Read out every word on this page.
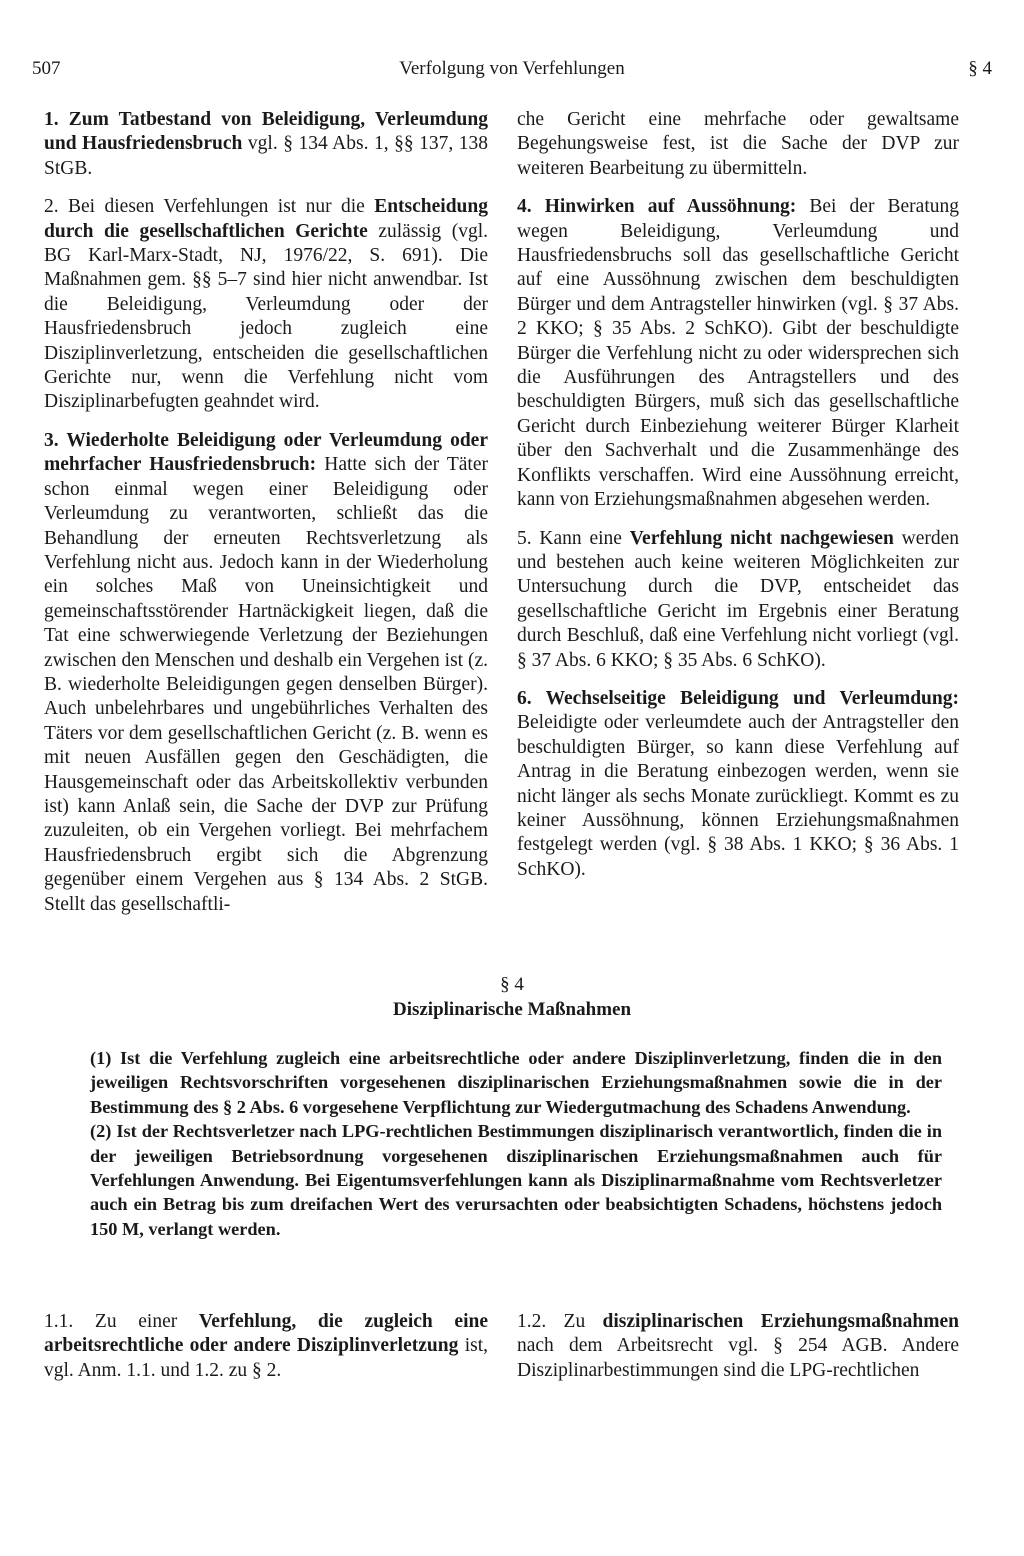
507	Verfolgung von Verfehlungen	§ 4

1. Zum Tatbestand von Beleidigung, Verleumdung und Hausfriedensbruch vgl. § 134 Abs. 1, §§ 137, 138 StGB.

2. Bei diesen Verfehlungen ist nur die Entscheidung durch die gesellschaftlichen Gerichte zulässig (vgl. BG Karl-Marx-Stadt, NJ, 1976/22, S. 691). Die Maßnahmen gem. §§ 5–7 sind hier nicht anwendbar. Ist die Beleidigung, Verleumdung oder der Hausfriedensbruch jedoch zugleich eine Disziplinverletzung, entscheiden die gesellschaftlichen Gerichte nur, wenn die Verfehlung nicht vom Disziplinarbefugten geahndet wird.

3. Wiederholte Beleidigung oder Verleumdung oder mehrfacher Hausfriedensbruch: Hatte sich der Täter schon einmal wegen einer Beleidigung oder Verleumdung zu verantworten, schließt das die Behandlung der erneuten Rechtsverletzung als Verfehlung nicht aus. Jedoch kann in der Wiederholung ein solches Maß von Uneinsichtigkeit und gemeinschaftsstörender Hartnäckigkeit liegen, daß die Tat eine schwerwiegende Verletzung der Beziehungen zwischen den Menschen und deshalb ein Vergehen ist (z. B. wiederholte Beleidigungen gegen denselben Bürger). Auch unbelehrbares und ungebührliches Verhalten des Täters vor dem gesellschaftlichen Gericht (z. B. wenn es mit neuen Ausfällen gegen den Geschädigten, die Hausgemeinschaft oder das Arbeitskollektiv verbunden ist) kann Anlaß sein, die Sache der DVP zur Prüfung zuzuleiten, ob ein Vergehen vorliegt. Bei mehrfachem Hausfriedensbruch ergibt sich die Abgrenzung gegenüber einem Vergehen aus § 134 Abs. 2 StGB. Stellt das gesellschaftli-

che Gericht eine mehrfache oder gewaltsame Begehungsweise fest, ist die Sache der DVP zur weiteren Bearbeitung zu übermitteln.

4. Hinwirken auf Aussöhnung: Bei der Beratung wegen Beleidigung, Verleumdung und Hausfriedensbruchs soll das gesellschaftliche Gericht auf eine Aussöhnung zwischen dem beschuldigten Bürger und dem Antragsteller hinwirken (vgl. § 37 Abs. 2 KKO; § 35 Abs. 2 SchKO). Gibt der beschuldigte Bürger die Verfehlung nicht zu oder widersprechen sich die Ausführungen des Antragstellers und des beschuldigten Bürgers, muß sich das gesellschaftliche Gericht durch Einbeziehung weiterer Bürger Klarheit über den Sachverhalt und die Zusammenhänge des Konflikts verschaffen. Wird eine Aussöhnung erreicht, kann von Erziehungsmaßnahmen abgesehen werden.

5. Kann eine Verfehlung nicht nachgewiesen werden und bestehen auch keine weiteren Möglichkeiten zur Untersuchung durch die DVP, entscheidet das gesellschaftliche Gericht im Ergebnis einer Beratung durch Beschluß, daß eine Verfehlung nicht vorliegt (vgl. § 37 Abs. 6 KKO; § 35 Abs. 6 SchKO).

6. Wechselseitige Beleidigung und Verleumdung: Beleidigte oder verleumdete auch der Antragsteller den beschuldigten Bürger, so kann diese Verfehlung auf Antrag in die Beratung einbezogen werden, wenn sie nicht länger als sechs Monate zurückliegt. Kommt es zu keiner Aussöhnung, können Erziehungsmaßnahmen festgelegt werden (vgl. § 38 Abs. 1 KKO; § 36 Abs. 1 SchKO).

§ 4
Disziplinarische Maßnahmen

(1) Ist die Verfehlung zugleich eine arbeitsrechtliche oder andere Disziplinverletzung, finden die in den jeweiligen Rechtsvorschriften vorgesehenen disziplinarischen Erziehungsmaßnahmen sowie die in der Bestimmung des § 2 Abs. 6 vorgesehene Verpflichtung zur Wiedergutmachung des Schadens Anwendung.

(2) Ist der Rechtsverletzer nach LPG-rechtlichen Bestimmungen disziplinarisch verantwortlich, finden die in der jeweiligen Betriebsordnung vorgesehenen disziplinarischen Erziehungsmaßnahmen auch für Verfehlungen Anwendung. Bei Eigentumsverfehlungen kann als Disziplinarmaßnahme vom Rechtsverletzer auch ein Betrag bis zum dreifachen Wert des verursachten oder beabsichtigten Schadens, höchstens jedoch 150 M, verlangt werden.

1.1. Zu einer Verfehlung, die zugleich eine arbeitsrechtliche oder andere Disziplinverletzung ist, vgl. Anm. 1.1. und 1.2. zu § 2.

1.2. Zu disziplinarischen Erziehungsmaßnahmen nach dem Arbeitsrecht vgl. § 254 AGB. Andere Disziplinarbestimmungen sind die LPG-rechtlichen
